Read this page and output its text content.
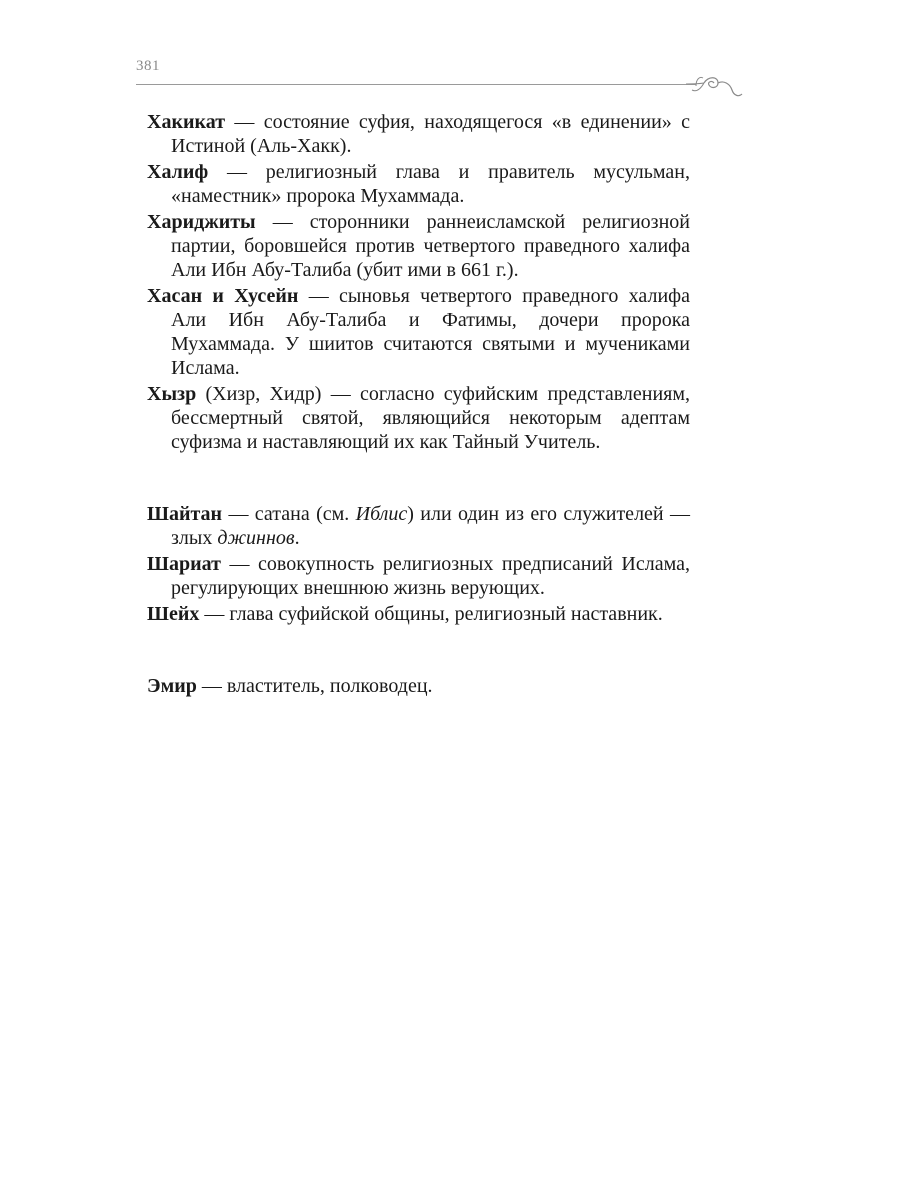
381

Хакикат — состояние суфия, находящегося «в единении» с Истиной (Аль-Хакк).

Халиф — религиозный глава и правитель мусульман, «наместник» пророка Мухаммада.

Хариджиты — сторонники раннеисламской религиозной партии, боровшейся против четвертого праведного халифа Али Ибн Абу-Талиба (убит ими в 661 г.).

Хасан и Хусейн — сыновья четвертого праведного халифа Али Ибн Абу-Талиба и Фатимы, дочери пророка Мухаммада. У шиитов считаются святыми и мучениками Ислама.

Хызр (Хизр, Хидр) — согласно суфийским представлениям, бессмертный святой, являющийся некоторым адептам суфизма и наставляющий их как Тайный Учитель.

Шайтан — сатана (см. Иблис) или один из его служителей — злых джиннов.

Шариат — совокупность религиозных предписаний Ислама, регулирующих внешнюю жизнь верующих.

Шейх — глава суфийской общины, религиозный наставник.

Эмир — властитель, полководец.
